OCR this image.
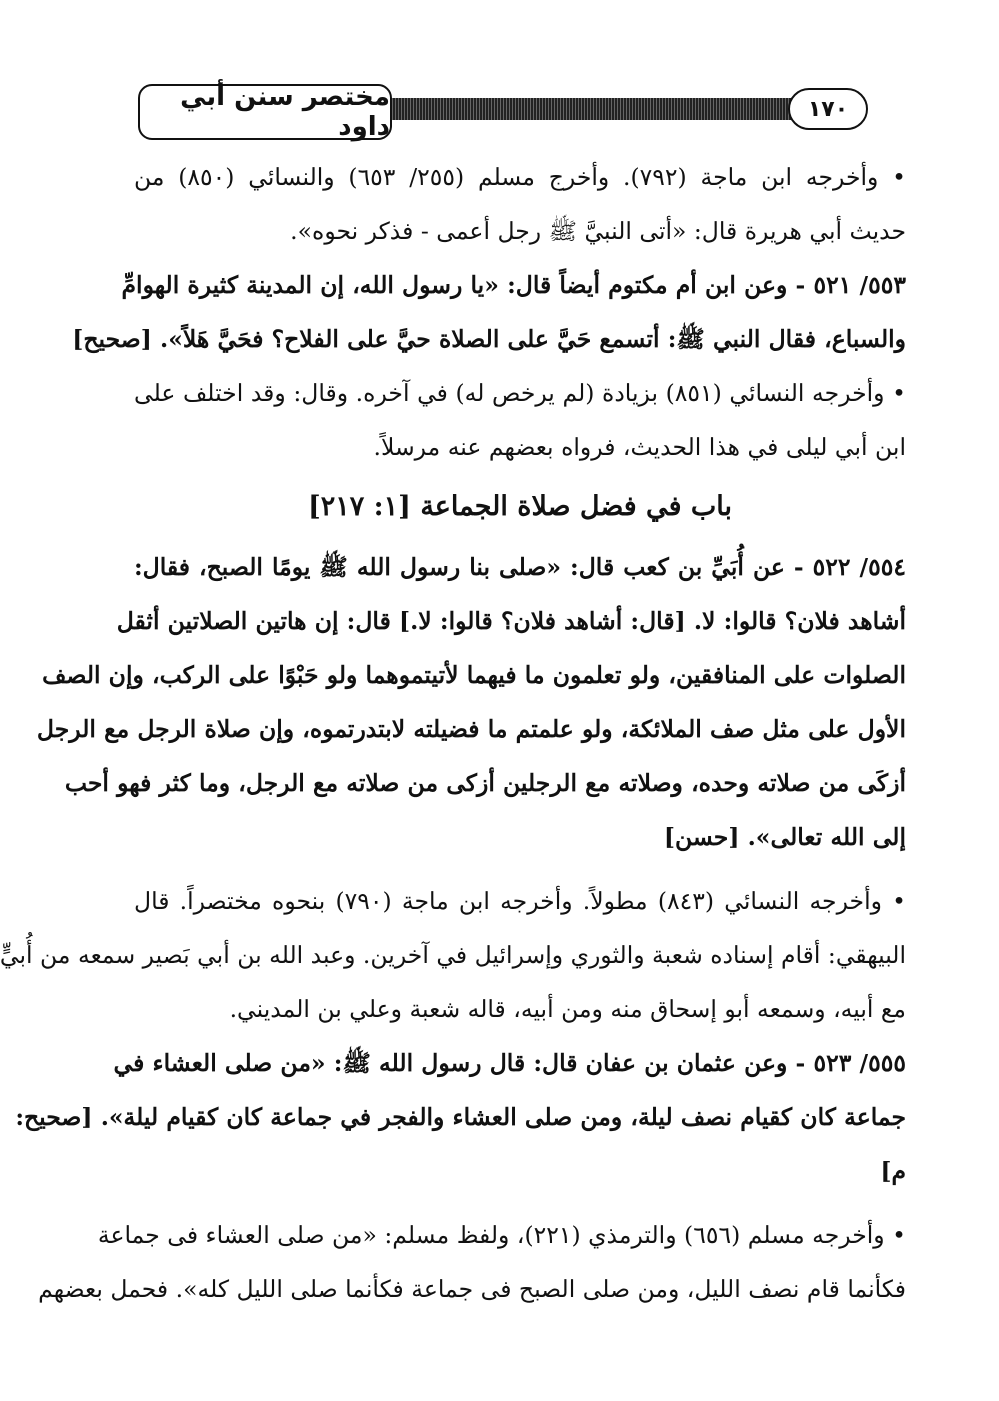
مختصر سنن أبي داود
١٧٠
• وأخرجه ابن ماجة (٧٩٢). وأخرج مسلم (٢٥٥/ ٦٥٣) والنسائي (٨٥٠) من
حديث أبي هريرة قال: «أتى النبيَّ ﷺ رجل أعمى - فذكر نحوه».
٥٥٣/ ٥٢١ - وعن ابن أم مكتوم أيضاً قال: «يا رسول الله، إن المدينة كثيرة الهوامِّ
والسباع، فقال النبي ﷺ: أتسمع حَيَّ على الصلاة حيَّ على الفلاح؟ فحَيَّ هَلاً». [صحيح]
• وأخرجه النسائي (٨٥١) بزيادة (لم يرخص له) في آخره. وقال: وقد اختلف على
ابن أبي ليلى في هذا الحديث، فرواه بعضهم عنه مرسلاً.
باب في فضل صلاة الجماعة [١: ٢١٧]
٥٥٤/ ٥٢٢ - عن أُبَيِّ بن كعب قال: «صلى بنا رسول الله ﷺ يومًا الصبح، فقال:
أشاهد فلان؟ قالوا: لا. [قال: أشاهد فلان؟ قالوا: لا.] قال: إن هاتين الصلاتين أثقل
الصلوات على المنافقين، ولو تعلمون ما فيهما لأتيتموهما ولو حَبْوًا على الركب، وإن الصف
الأول على مثل صف الملائكة، ولو علمتم ما فضيلته لابتدرتموه، وإن صلاة الرجل مع الرجل
أزكَى من صلاته وحده، وصلاته مع الرجلين أزكى من صلاته مع الرجل، وما كثر فهو أحب
إلى الله تعالى». [حسن]
• وأخرجه النسائي (٨٤٣) مطولاً. وأخرجه ابن ماجة (٧٩٠) بنحوه مختصراً. قال
البيهقي: أقام إسناده شعبة والثوري وإسرائيل في آخرين. وعبد الله بن أبي بَصير سمعه من أُبيٍّ
مع أبيه، وسمعه أبو إسحاق منه ومن أبيه، قاله شعبة وعلي بن المديني.
٥٥٥/ ٥٢٣ - وعن عثمان بن عفان قال: قال رسول الله ﷺ: «من صلى العشاء في
جماعة كان كقيام نصف ليلة، ومن صلى العشاء والفجر في جماعة كان كقيام ليلة». [صحيح:
م]
• وأخرجه مسلم (٦٥٦) والترمذي (٢٢١)، ولفظ مسلم: «من صلى العشاء فى جماعة
فكأنما قام نصف الليل، ومن صلى الصبح فى جماعة فكأنما صلى الليل كله». فحمل بعضهم
